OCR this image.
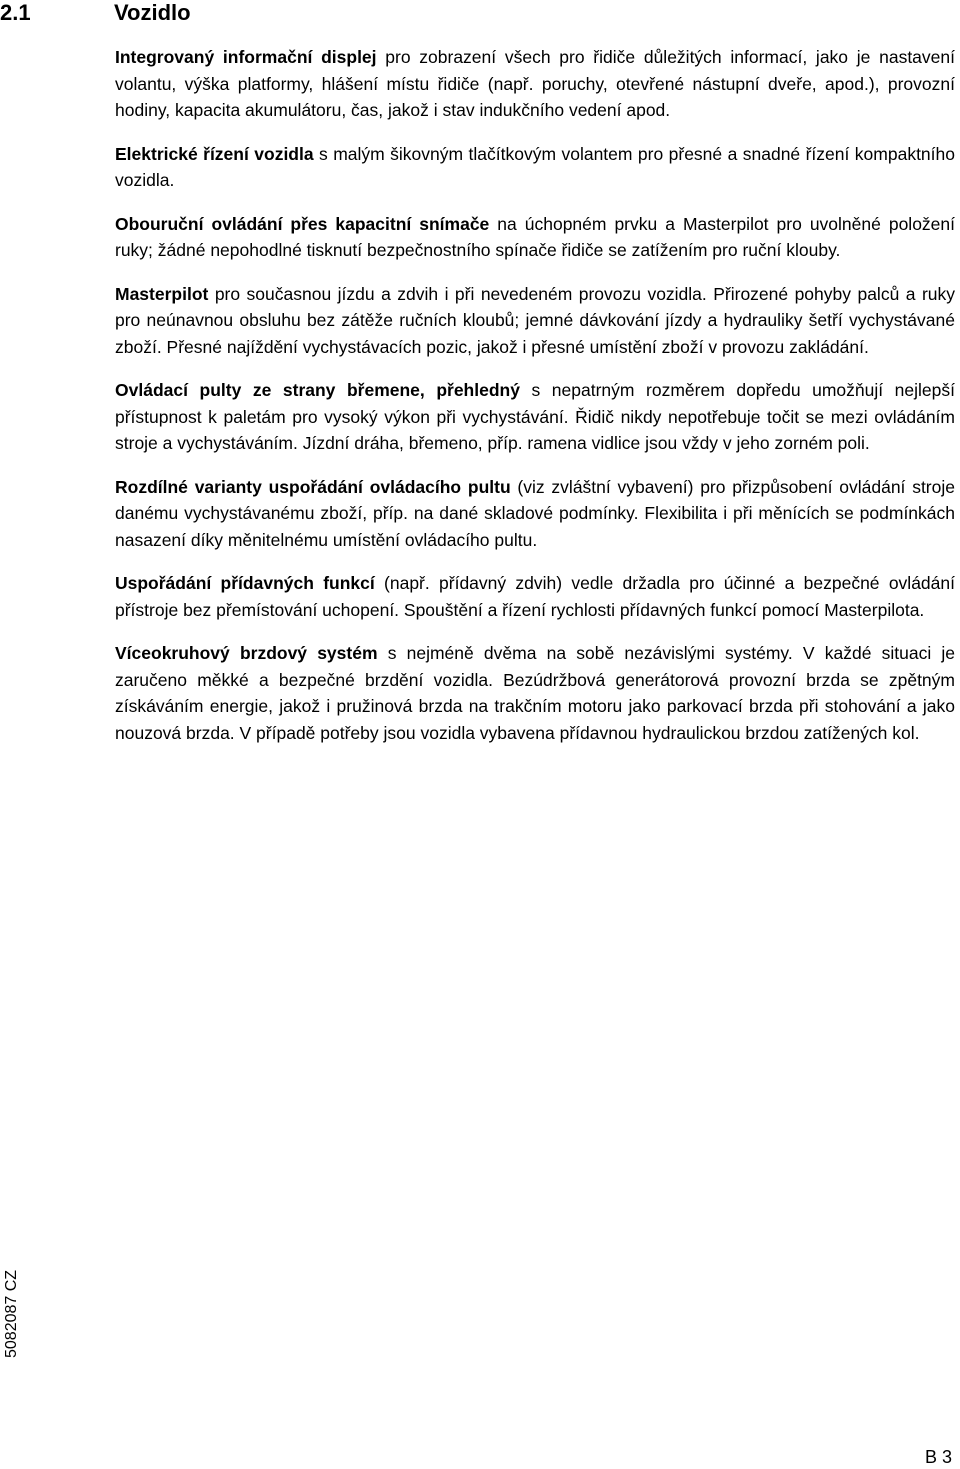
2.1	Vozidlo

Integrovaný informační displej pro zobrazení všech pro řidiče důležitých informací, jako je nastavení volantu, výška platformy, hlášení místu řidiče (např. poruchy, otevřené nástupní dveře, apod.), provozní hodiny, kapacita akumulátoru, čas, jakož i stav indukčního vedení apod.

Elektrické řízení vozidla s malým šikovným tlačítkovým volantem pro přesné a snadné řízení kompaktního vozidla.

Obouruční ovládání přes kapacitní snímače na úchopném prvku a Masterpilot pro uvolněné položení ruky; žádné nepohodlné tisknutí bezpečnostního spínače řidiče se zatížením pro ruční klouby.

Masterpilot pro současnou jízdu a zdvih i při nevedeném provozu vozidla. Přirozené pohyby palců a ruky pro neúnavnou obsluhu bez zátěže ručních kloubů; jemné dávkování jízdy a hydrauliky šetří vychystávané zboží. Přesné najíždění vychystávacích pozic, jakož i přesné umístění zboží v provozu zakládání.

Ovládací pulty ze strany břemene, přehledný s nepatrným rozměrem dopředu umožňují nejlepší přístupnost k paletám pro vysoký výkon při vychystávání. Řidič nikdy nepotřebuje točit se mezi ovládáním stroje a vychystáváním. Jízdní dráha, břemeno, příp. ramena vidlice jsou vždy v jeho zorném poli.

Rozdílné varianty uspořádání ovládacího pultu (viz zvláštní vybavení) pro přizpůsobení ovládání stroje danému vychystávanému zboží, příp. na dané skladové podmínky. Flexibilita i při měnících se podmínkách nasazení díky měnitelnému umístění ovládacího pultu.

Uspořádání přídavných funkcí (např. přídavný zdvih) vedle držadla pro účinné a bezpečné ovládání přístroje bez přemístování uchopení. Spouštění a řízení rychlosti přídavných funkcí pomocí Masterpilota.

Víceokruhový brzdový systém s nejméně dvěma na sobě nezávislými systémy. V každé situaci je zaručeno měkké a bezpečné brzdění vozidla. Bezúdržbová generátorová provozní brzda se zpětným získáváním energie, jakož i pružinová brzda na trakčním motoru jako parkovací brzda při stohování a jako nouzová brzda. V případě potřeby jsou vozidla vybavena přídavnou hydraulickou brzdou zatížených kol.

5082087 CZ
B 3
